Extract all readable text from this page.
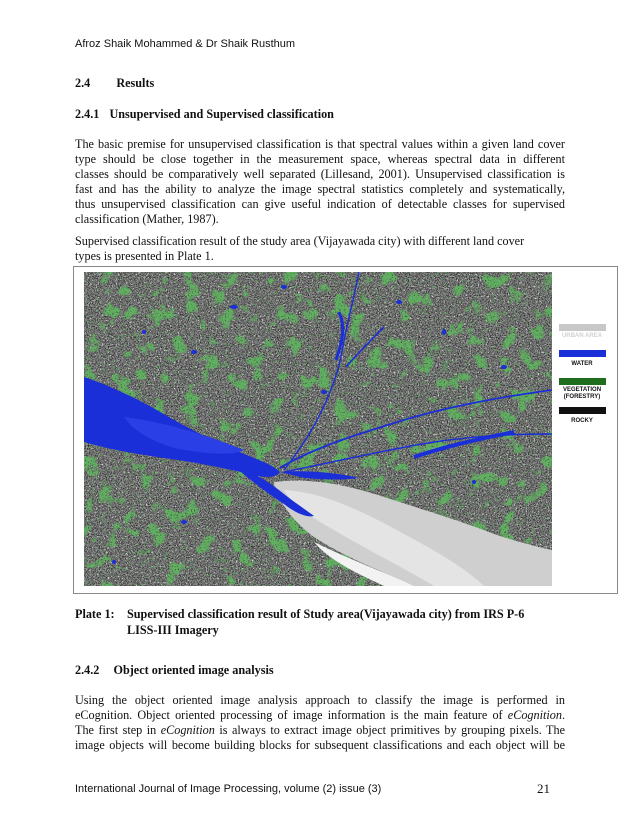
Afroz Shaik Mohammed & Dr Shaik Rusthum
2.4 Results
2.4.1 Unsupervised and Supervised classification
The basic premise for unsupervised classification is that spectral values within a given land cover
type should be close together in the measurement space, whereas spectral data in different
classes should be comparatively well separated (Lillesand, 2001). Unsupervised classification is
fast and has the ability to analyze the image spectral statistics completely and systematically,
thus unsupervised classification can give useful indication of detectable classes for supervised
classification (Mather, 1987).
Supervised classification result of the study area (Vijayawada city) with different land cover
types is presented in Plate 1.
URBAN AREA
WATER
VEGETATION
(FORESTRY)
ROCKY
Plate 1: Supervised classification result of Study area(Vijayawada city) from IRS P-6
LISS-III Imagery
2.4.2 Object oriented image analysis
Using the object oriented image analysis approach to classify the image is performed in
eCognition. Object oriented processing of image information is the main feature of eCognition.
The first step in eCognition is always to extract image object primitives by grouping pixels. The
image objects will become building blocks for subsequent classifications and each object will be
International Journal of Image Processing, volume (2) issue (3)	21
